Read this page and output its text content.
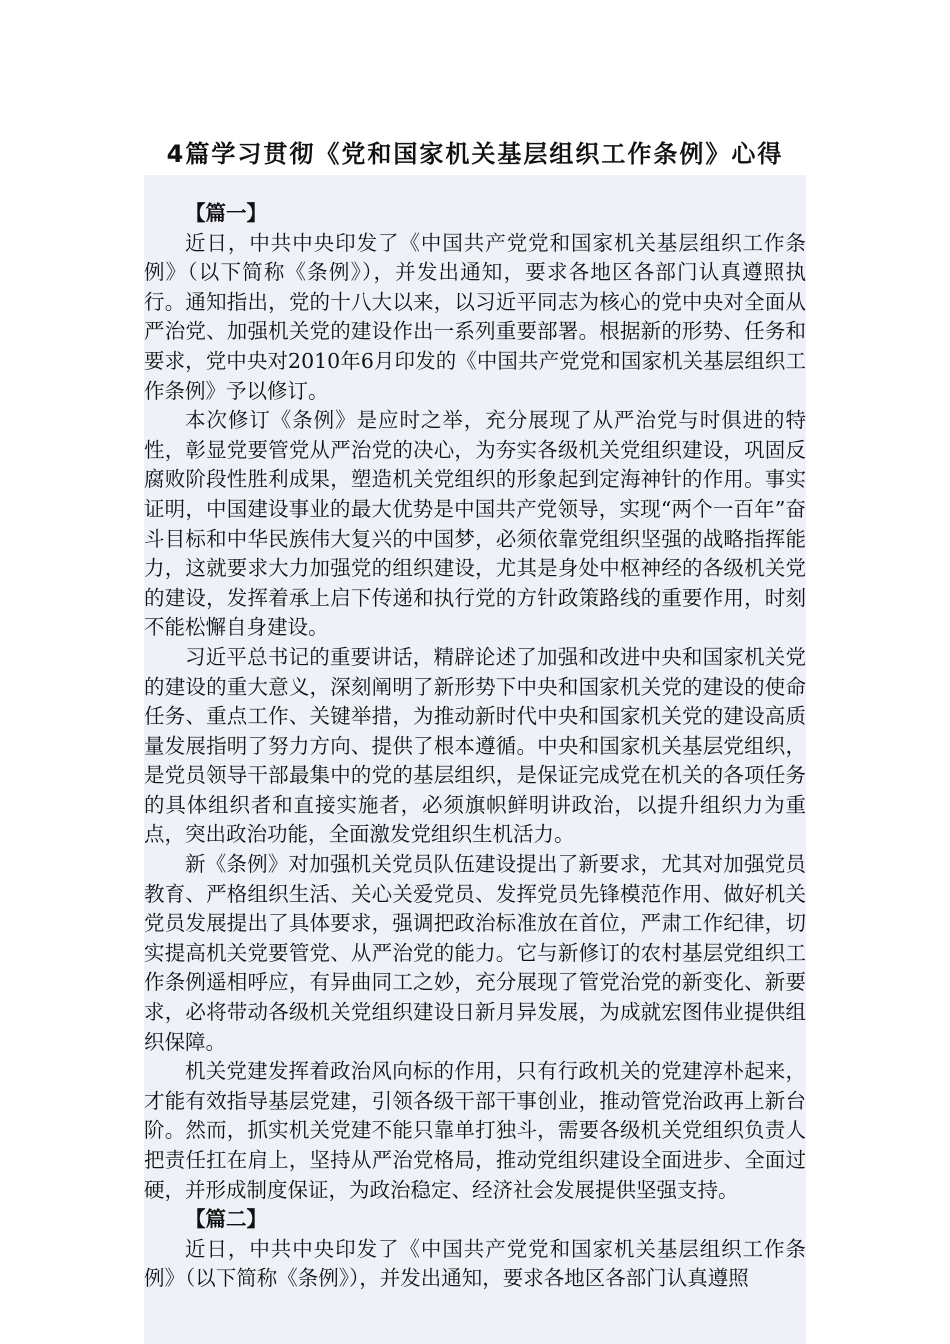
4篇学习贯彻《党和国家机关基层组织工作条例》心得

【篇一】

近日，中共中央印发了《中国共产党党和国家机关基层组织工作条例》（以下简称《条例》），并发出通知，要求各地区各部门认真遵照执行。通知指出，党的十八大以来，以习近平同志为核心的党中央对全面从严治党、加强机关党的建设作出一系列重要部署。根据新的形势、任务和要求，党中央对2010年6月印发的《中国共产党党和国家机关基层组织工作条例》予以修订。

本次修订《条例》是应时之举，充分展现了从严治党与时俱进的特性，彰显党要管党从严治党的决心，为夯实各级机关党组织建设，巩固反腐败阶段性胜利成果，塑造机关党组织的形象起到定海神针的作用。事实证明，中国建设事业的最大优势是中国共产党领导，实现“两个一百年”奋斗目标和中华民族伟大复兴的中国梦，必须依靠党组织坚强的战略指挥能力，这就要求大力加强党的组织建设，尤其是身处中枢神经的各级机关党的建设，发挥着承上启下传递和执行党的方针政策路线的重要作用，时刻不能松懈自身建设。

习近平总书记的重要讲话，精辟论述了加强和改进中央和国家机关党的建设的重大意义，深刻阐明了新形势下中央和国家机关党的建设的使命任务、重点工作、关键举措，为推动新时代中央和国家机关党的建设高质量发展指明了努力方向、提供了根本遵循。中央和国家机关基层党组织，是党员领导干部最集中的党的基层组织，是保证完成党在机关的各项任务的具体组织者和直接实施者，必须旗帜鲜明讲政治，以提升组织力为重点，突出政治功能，全面激发党组织生机活力。

新《条例》对加强机关党员队伍建设提出了新要求，尤其对加强党员教育、严格组织生活、关心关爱党员、发挥党员先锋模范作用、做好机关党员发展提出了具体要求，强调把政治标准放在首位，严肃工作纪律，切实提高机关党要管党、从严治党的能力。它与新修订的农村基层党组织工作条例遥相呼应，有异曲同工之妙，充分展现了管党治党的新变化、新要求，必将带动各级机关党组织建设日新月异发展，为成就宏图伟业提供组织保障。

机关党建发挥着政治风向标的作用，只有行政机关的党建淳朴起来，才能有效指导基层党建，引领各级干部干事创业，推动管党治政再上新台阶。然而，抓实机关党建不能只靠单打独斗，需要各级机关党组织负责人把责任扛在肩上，坚持从严治党格局，推动党组织建设全面进步、全面过硬，并形成制度保证，为政治稳定、经济社会发展提供坚强支持。

【篇二】

近日，中共中央印发了《中国共产党党和国家机关基层组织工作条例》（以下简称《条例》），并发出通知，要求各地区各部门认真遵照
